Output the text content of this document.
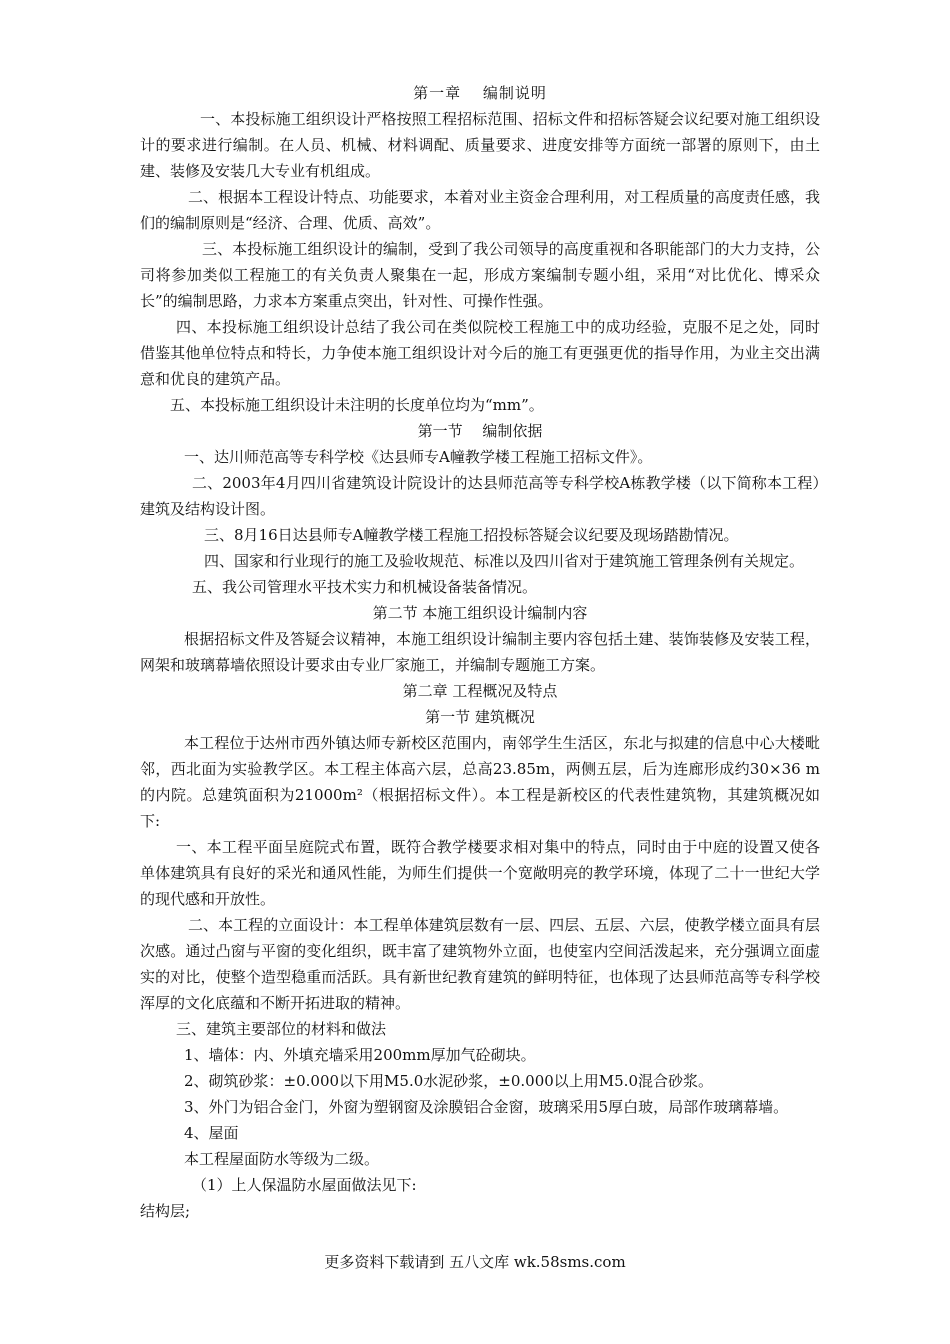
第一章　 编制说明

一、本投标施工组织设计严格按照工程招标范围、招标文件和招标答疑会议纪要对施工组织设计的要求进行编制。在人员、机械、材料调配、质量要求、进度安排等方面统一部署的原则下，由土建、装修及安装几大专业有机组成。

二、根据本工程设计特点、功能要求，本着对业主资金合理利用，对工程质量的高度责任感，我们的编制原则是“经济、合理、优质、高效”。

三、本投标施工组织设计的编制，受到了我公司领导的高度重视和各职能部门的大力支持，公司将参加类似工程施工的有关负责人聚集在一起，形成方案编制专题小组，采用“对比优化、博采众长”的编制思路，力求本方案重点突出，针对性、可操作性强。

四、本投标施工组织设计总结了我公司在类似院校工程施工中的成功经验，克服不足之处，同时借鉴其他单位特点和特长，力争使本施工组织设计对今后的施工有更强更优的指导作用，为业主交出满意和优良的建筑产品。

五、本投标施工组织设计未注明的长度单位均为“mm”。

第一节　 编制依据

一、达川师范高等专科学校《达县师专A幢教学楼工程施工招标文件》。

二、2003年4月四川省建筑设计院设计的达县师范高等专科学校A栋教学楼（以下简称本工程）建筑及结构设计图。

三、8月16日达县师专A幢教学楼工程施工招投标答疑会议纪要及现场踏勘情况。

四、国家和行业现行的施工及验收规范、标准以及四川省对于建筑施工管理条例有关规定。

五、我公司管理水平技术实力和机械设备装备情况。

第二节 本施工组织设计编制内容

根据招标文件及答疑会议精神，本施工组织设计编制主要内容包括土建、装饰装修及安装工程，网架和玻璃幕墙依照设计要求由专业厂家施工，并编制专题施工方案。

第二章 工程概况及特点

第一节 建筑概况

本工程位于达州市西外镇达师专新校区范围内，南邻学生生活区，东北与拟建的信息中心大楼毗邻，西北面为实验教学区。本工程主体高六层，总高23.85m，两侧五层，后为连廊形成约30×36 m的内院。总建筑面积为21000m²（根据招标文件）。本工程是新校区的代表性建筑物，其建筑概况如下:

一、本工程平面呈庭院式布置，既符合教学楼要求相对集中的特点，同时由于中庭的设置又使各单体建筑具有良好的采光和通风性能，为师生们提供一个宽敞明亮的教学环境，体现了二十一世纪大学的现代感和开放性。

二、本工程的立面设计：本工程单体建筑层数有一层、四层、五层、六层，使教学楼立面具有层次感。通过凸窗与平窗的变化组织，既丰富了建筑物外立面，也使室内空间活泼起来，充分强调立面虚实的对比，使整个造型稳重而活跃。具有新世纪教育建筑的鲜明特征，也体现了达县师范高等专科学校浑厚的文化底蕴和不断开拓进取的精神。

三、建筑主要部位的材料和做法

1、墙体：内、外填充墙采用200mm厚加气砼砌块。

2、砌筑砂浆：±0.000以下用M5.0水泥砂浆，±0.000以上用M5.0混合砂浆。

3、外门为铝合金门，外窗为塑钢窗及涂膜铝合金窗，玻璃采用5厚白玻，局部作玻璃幕墙。

4、屋面

本工程屋面防水等级为二级。

（1）上人保温防水屋面做法见下:

结构层;

更多资料下载请到 五八文库 wk.58sms.com
